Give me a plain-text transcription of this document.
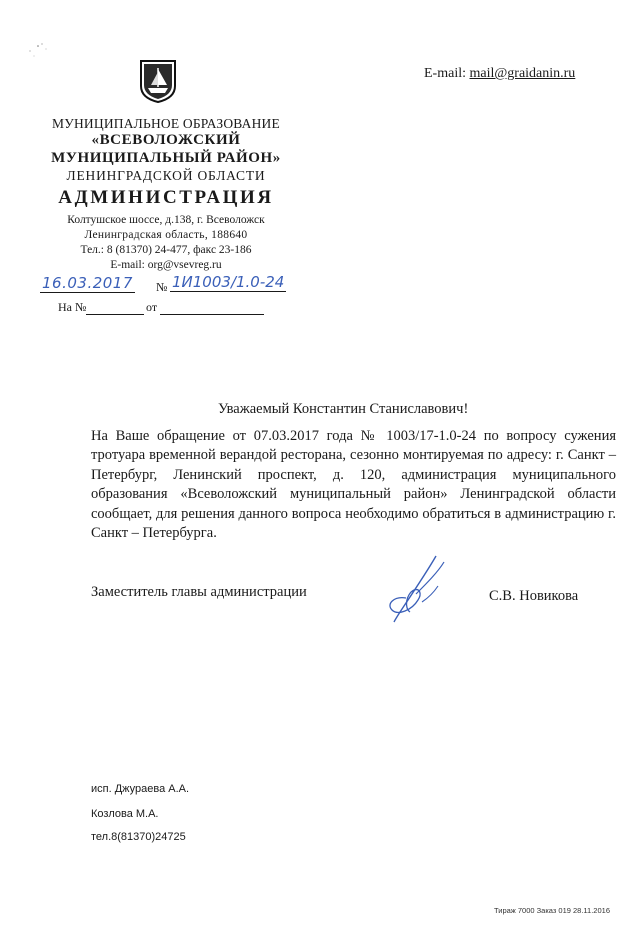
МУНИЦИПАЛЬНОЕ ОБРАЗОВАНИЕ
«ВСЕВОЛОЖСКИЙ
МУНИЦИПАЛЬНЫЙ РАЙОН»
ЛЕНИНГРАДСКОЙ ОБЛАСТИ
АДМИНИСТРАЦИЯ
Колтушское шоссе, д.138, г. Всеволожск
Ленинградская область, 188640
Тел.: 8 (81370) 24-477, факс 23-186
E-mail: org@vsevreg.ru
E-mail: mail@graidanin.ru
16.03.2017 № 1И1003/1.0-24
На №	от
Уважаемый Константин Станиславович!
На Ваше обращение от 07.03.2017 года № 1003/17-1.0-24 по вопросу сужения тротуара временной верандой ресторана, сезонно монтируемая по адресу: г. Санкт – Петербург, Ленинский проспект, д. 120, администрация муниципального образования «Всеволожский муниципальный район» Ленинградской области сообщает, для решения данного вопроса необходимо обратиться в администрацию г. Санкт – Петербурга.
Заместитель главы администрации	С.В. Новикова
исп. Джураева А.А.
Козлова М.А.
тел.8(81370)24725
Тираж 7000 Заказ 019 28.11.2016
